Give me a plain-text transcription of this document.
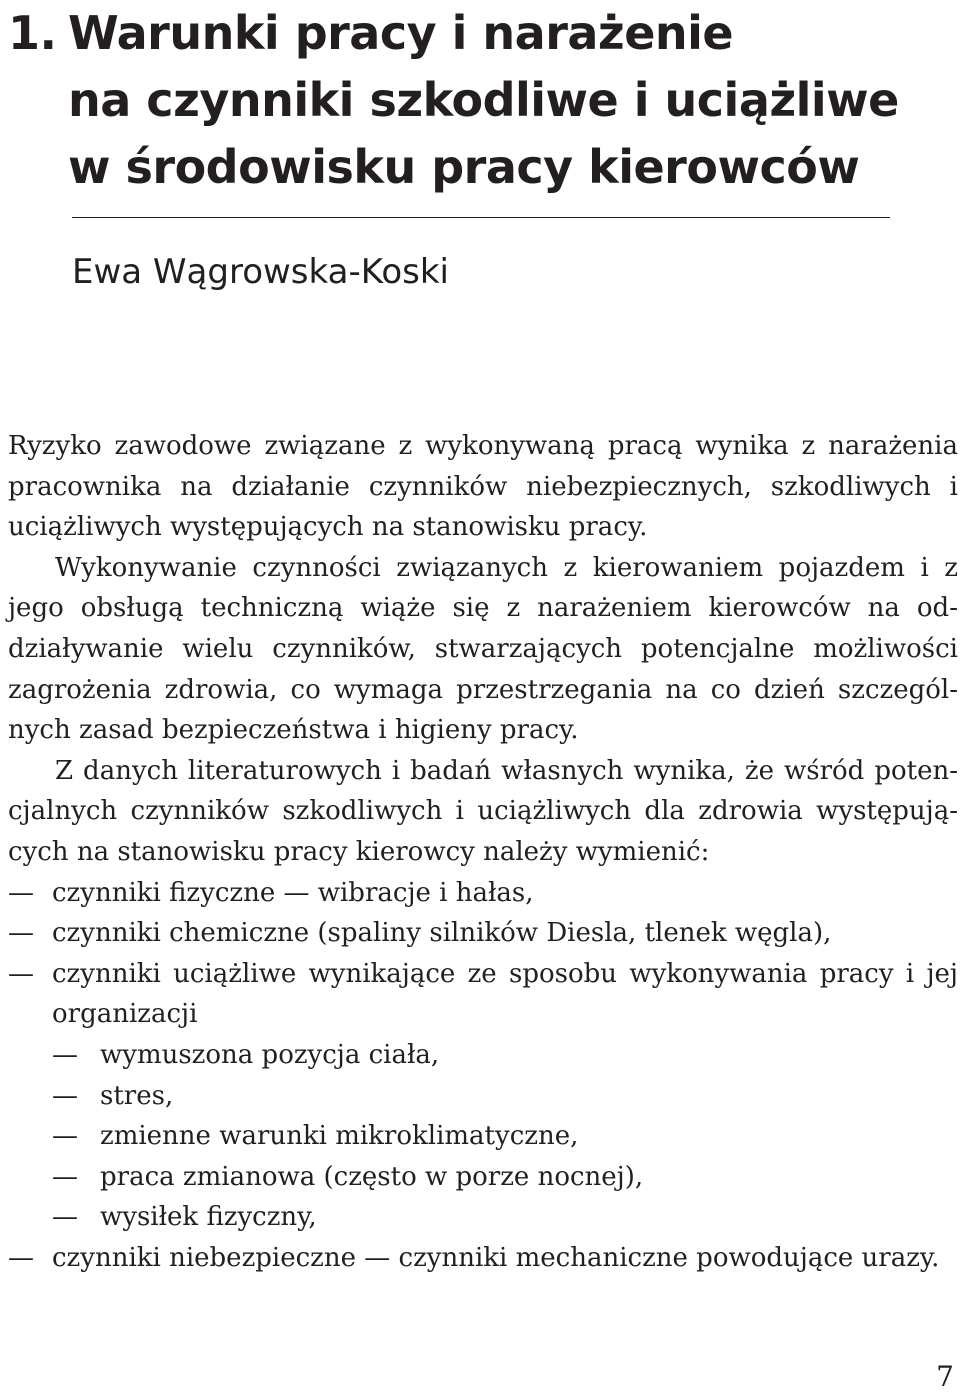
1. Warunki pracy i narażenie
na czynniki szkodliwe i uciążliwe
w środowisku pracy kierowców
Ewa Wągrowska-Koski

Ryzyko zawodowe związane z wykonywaną pracą wynika z narażenia pracownika na działanie czynników niebezpiecznych, szkodliwych i uciążliwych występujących na stanowisku pracy.

Wykonywanie czynności związanych z kierowaniem pojazdem i z jego obsługą techniczną wiąże się z narażeniem kierowców na oddziaływanie wielu czynników, stwarzających potencjalne możliwości zagrożenia zdrowia, co wymaga przestrzegania na co dzień szczególnych zasad bezpieczeństwa i higieny pracy.

Z danych literaturowych i badań własnych wynika, że wśród potencjalnych czynników szkodliwych i uciążliwych dla zdrowia występujących na stanowisku pracy kierowcy należy wymienić:

— czynniki fizyczne — wibracje i hałas,
— czynniki chemiczne (spaliny silników Diesla, tlenek węgla),
— czynniki uciążliwe wynikające ze sposobu wykonywania pracy i jej organizacji
— wymuszona pozycja ciała,
— stres,
— zmienne warunki mikroklimatyczne,
— praca zmianowa (często w porze nocnej),
— wysiłek fizyczny,
— czynniki niebezpieczne — czynniki mechaniczne powodujące urazy.
7
